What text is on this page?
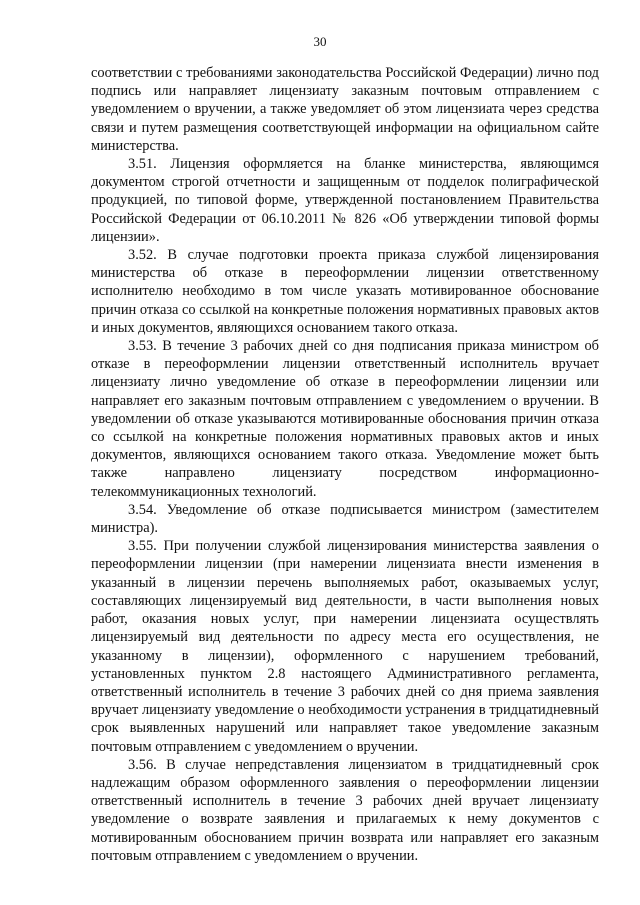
30

соответствии с требованиями законодательства Российской Федерации) лично под подпись или направляет лицензиату заказным почтовым отправлением с уведомлением о вручении, а также уведомляет об этом лицензиата через средства связи и путем размещения соответствующей информации на официальном сайте министерства.

3.51. Лицензия оформляется на бланке министерства, являющимся документом строгой отчетности и защищенным от подделок полиграфической продукцией, по типовой форме, утвержденной постановлением Правительства Российской Федерации от 06.10.2011 № 826 «Об утверждении типовой формы лицензии».

3.52. В случае подготовки проекта приказа службой лицензирования министерства об отказе в переоформлении лицензии ответственному исполнителю необходимо в том числе указать мотивированное обоснование причин отказа со ссылкой на конкретные положения нормативных правовых актов и иных документов, являющихся основанием такого отказа.

3.53. В течение 3 рабочих дней со дня подписания приказа министром об отказе в переоформлении лицензии ответственный исполнитель вручает лицензиату лично уведомление об отказе в переоформлении лицензии или направляет его заказным почтовым отправлением с уведомлением о вручении. В уведомлении об отказе указываются мотивированные обоснования причин отказа со ссылкой на конкретные положения нормативных правовых актов и иных документов, являющихся основанием такого отказа. Уведомление может быть также направлено лицензиату посредством информационно-телекоммуникационных технологий.

3.54. Уведомление об отказе подписывается министром (заместителем министра).

3.55. При получении службой лицензирования министерства заявления о переоформлении лицензии (при намерении лицензиата внести изменения в указанный в лицензии перечень выполняемых работ, оказываемых услуг, составляющих лицензируемый вид деятельности, в части выполнения новых работ, оказания новых услуг, при намерении лицензиата осуществлять лицензируемый вид деятельности по адресу места его осуществления, не указанному в лицензии), оформленного с нарушением требований, установленных пунктом 2.8 настоящего Административного регламента, ответственный исполнитель в течение 3 рабочих дней со дня приема заявления вручает лицензиату уведомление о необходимости устранения в тридцатидневный срок выявленных нарушений или направляет такое уведомление заказным почтовым отправлением с уведомлением о вручении.

3.56. В случае непредставления лицензиатом в тридцатидневный срок надлежащим образом оформленного заявления о переоформлении лицензии ответственный исполнитель в течение 3 рабочих дней вручает лицензиату уведомление о возврате заявления и прилагаемых к нему документов с мотивированным обоснованием причин возврата или направляет его заказным почтовым отправлением с уведомлением о вручении.
